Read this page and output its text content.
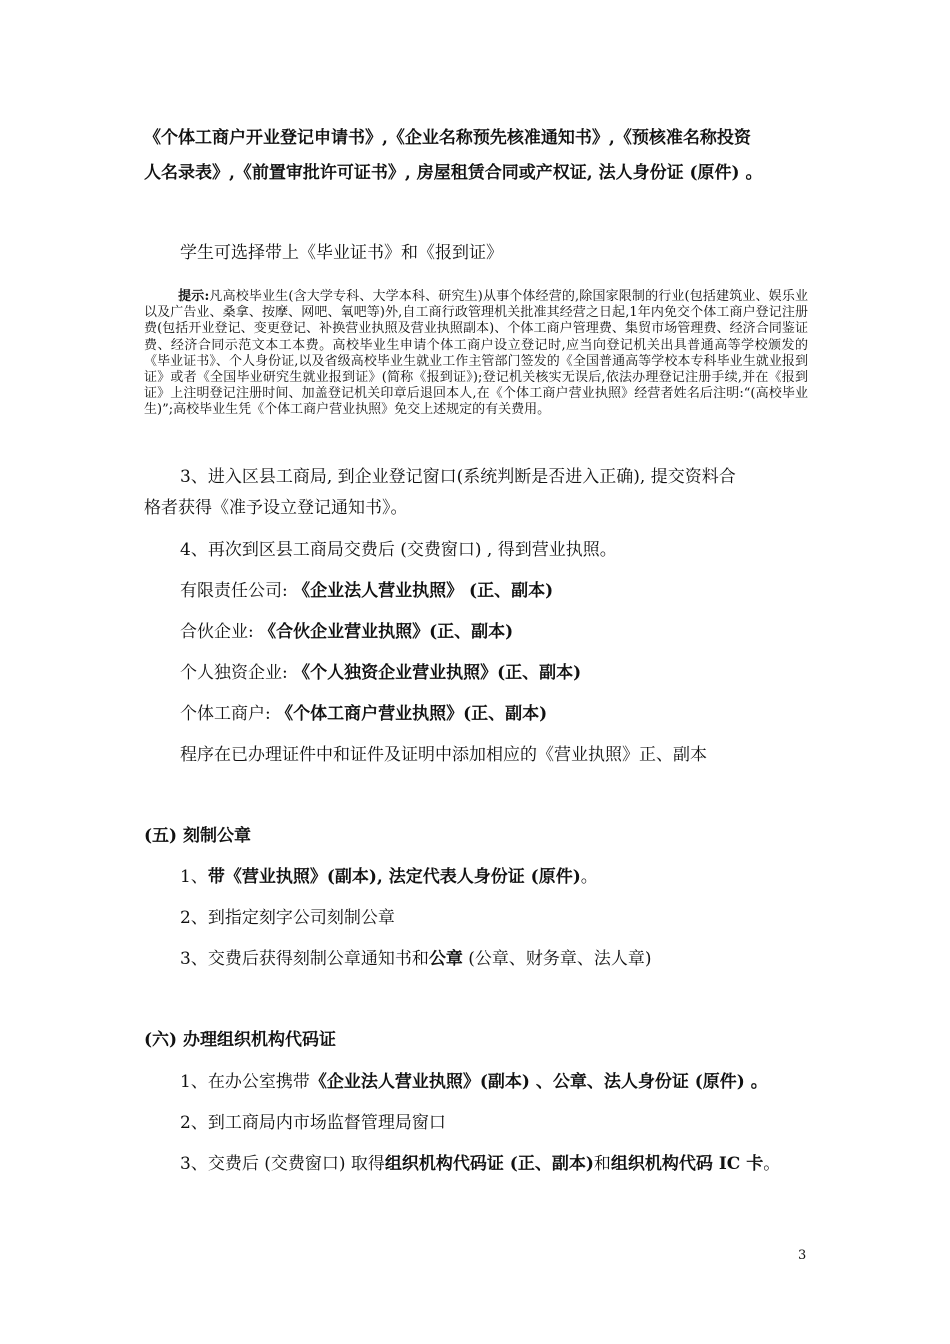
《个体工商户开业登记申请书》,《企业名称预先核准通知书》,《预核准名称投资
人名录表》,《前置审批许可证书》, 房屋租赁合同或产权证, 法人身份证 (原件) 。
学生可选择带上《毕业证书》和《报到证》
提示:凡高校毕业生(含大学专科、大学本科、研究生)从事个体经营的,除国家限制的行业(包括建筑业、娱乐业以及广告业、桑拿、按摩、网吧、氧吧等)外,自工商行政管理机关批准其经营之日起,1年内免交个体工商户登记注册费(包括开业登记、变更登记、补换营业执照及营业执照副本)、个体工商户管理费、集贸市场管理费、经济合同鉴证费、经济合同示范文本工本费。高校毕业生申请个体工商户设立登记时,应当向登记机关出具普通高等学校颁发的《毕业证书》、个人身份证,以及省级高校毕业生就业工作主管部门签发的《全国普通高等学校本专科毕业生就业报到证》或者《全国毕业研究生就业报到证》(简称《报到证》);登记机关核实无误后,依法办理登记注册手续,并在《报到证》上注明登记注册时间、加盖登记机关印章后退回本人,在《个体工商户营业执照》经营者姓名后注明:“(高校毕业生)”;高校毕业生凭《个体工商户营业执照》免交上述规定的有关费用。
3、进入区县工商局, 到企业登记窗口(系统判断是否进入正确), 提交资料合
格者获得《准予设立登记通知书》。
4、再次到区县工商局交费后 (交费窗口) , 得到营业执照。
有限责任公司: 《企业法人营业执照》 (正、副本)
合伙企业: 《合伙企业营业执照》(正、副本)
个人独资企业: 《个人独资企业营业执照》(正、副本)
个体工商户: 《个体工商户营业执照》(正、副本)
程序在已办理证件中和证件及证明中添加相应的《营业执照》正、副本
(五) 刻制公章
1、带《营业执照》(副本), 法定代表人身份证 (原件)。
2、到指定刻字公司刻制公章
3、交费后获得刻制公章通知书和公章 (公章、财务章、法人章)
(六) 办理组织机构代码证
1、在办公室携带《企业法人营业执照》(副本) 、公章、法人身份证 (原件) 。
2、到工商局内市场监督管理局窗口
3、交费后 (交费窗口) 取得组织机构代码证 (正、副本)和组织机构代码 IC 卡。
3
